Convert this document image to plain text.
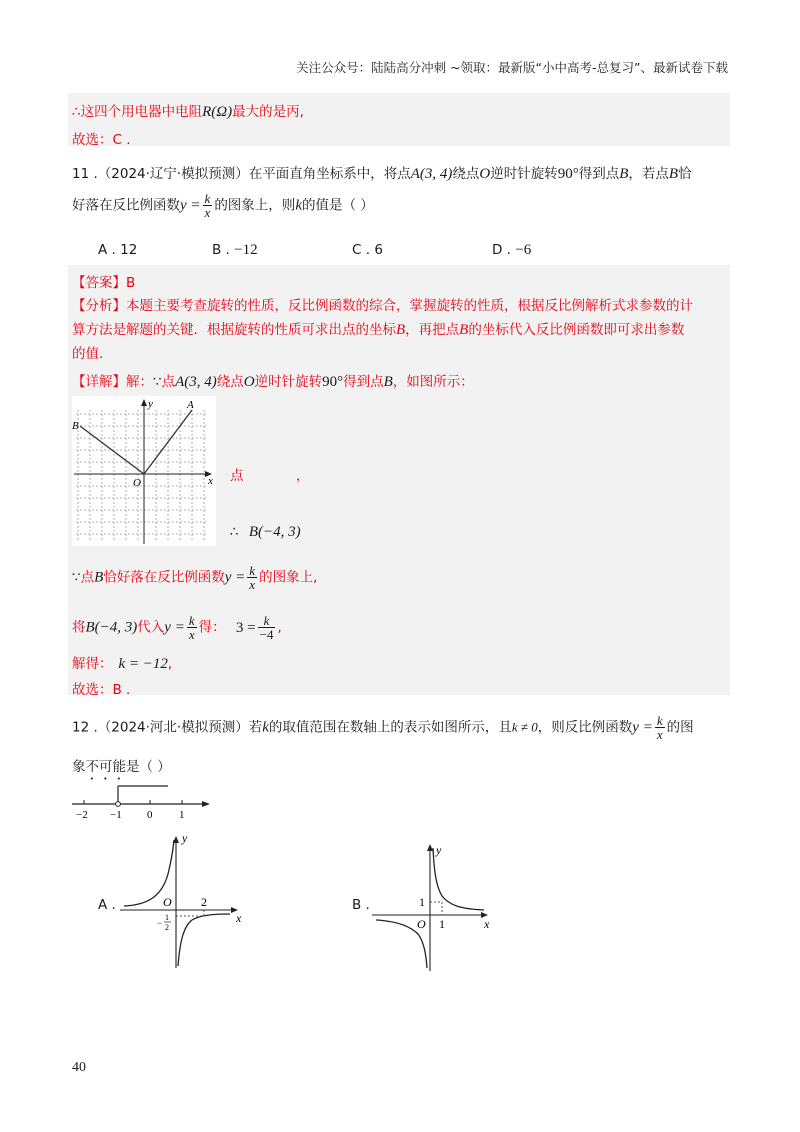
关注公众号：陆陆高分冲刺 ~领取：最新版“小中高考-总复习”、最新试卷下载
∴这四个用电器中电阻R(Ω)最大的是丙,
故选：C .
11 .（2024·辽宁·模拟预测）在平面直角坐标系中，将点A(3, 4)绕点O逆时针旋转90°得到点B，若点B恰
好落在反比例函数$y = \frac{k}{x}$ 的图象上，则k的值是（ ）
A . 12	B . −12	C . 6	D . −6
【答案】B
【分析】本题主要考查旋转的性质，反比例函数的综合，掌握旋转的性质，根据反比例解析式求参数的计
算方法是解题的关键．根据旋转的性质可求出点的坐标B，再把点B的坐标代入反比例函数即可求出参数
的值．
【详解】解：∵点A(3, 4)绕点O逆时针旋转90°得到点B，如图所示：
y	A
B
O	x 点	，
∴ B(−4, 3)
∵点B恰好落在反比例函数$y = \frac{k}{x}$ 的图象上,
将B(−4, 3)代入$y = \frac{k}{x}$ 得： $3 = \frac{k}{-4}$ ,
解得： k = −12,
故选：B .
12 .（2024·河北·模拟预测）若k的取值范围在数轴上的表示如图所示，且k ≠ 0，则反比例函数$y = \frac{k}{x}$ 的图
象不可能是（ ）
−2 −1 0 1
A .
y
O 2
x
−
1
2
B .
y
1
O 1	x
40
